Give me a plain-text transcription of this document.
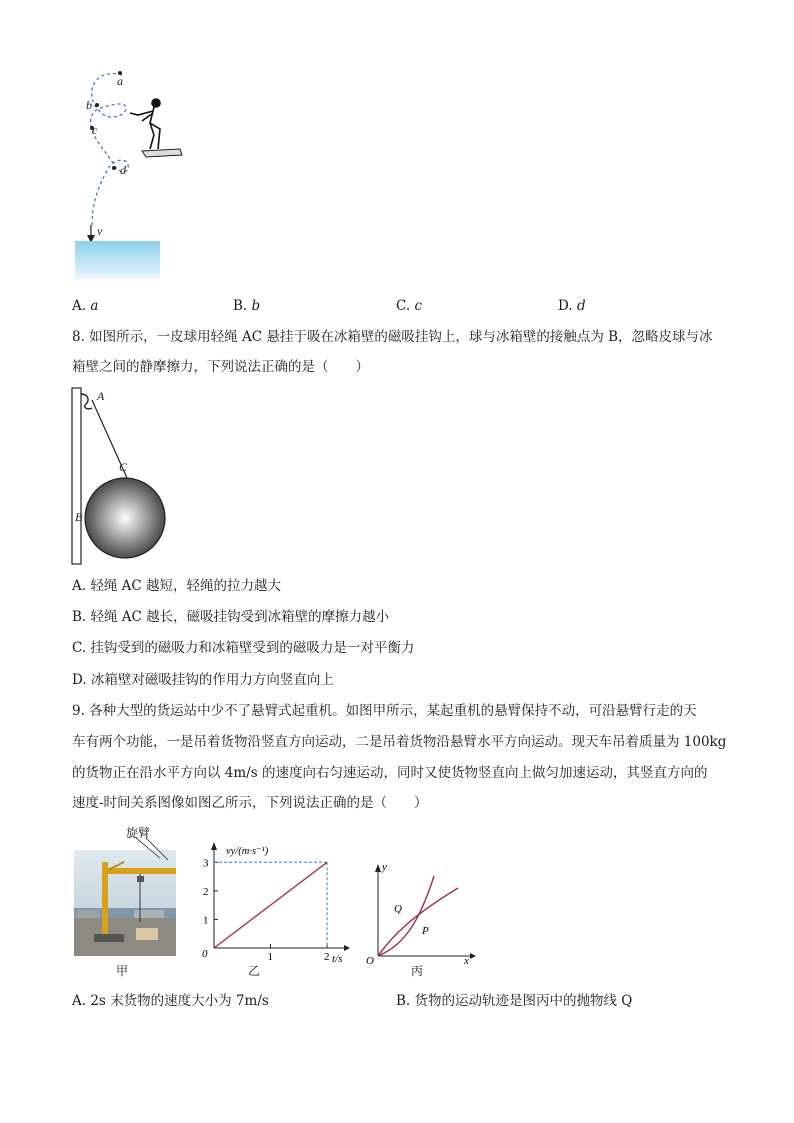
a
b
c
d
v
A. a	B. b	C. c	D. d
8. 如图所示，一皮球用轻绳 AC 悬挂于吸在冰箱壁的磁吸挂钩上，球与冰箱壁的接触点为 B，忽略皮球与冰
箱壁之间的静摩擦力，下列说法正确的是（　　）
A
C
B
A. 轻绳 AC 越短，轻绳的拉力越大
B. 轻绳 AC 越长，磁吸挂钩受到冰箱壁的摩擦力越小
C. 挂钩受到的磁吸力和冰箱壁受到的磁吸力是一对平衡力
D. 冰箱壁对磁吸挂钩的作用力方向竖直向上
9. 各种大型的货运站中少不了悬臂式起重机。如图甲所示，某起重机的悬臂保持不动，可沿悬臂行走的天
车有两个功能，一是吊着货物沿竖直方向运动，二是吊着货物沿悬臂水平方向运动。现天车吊着质量为 100kg
的货物正在沿水平方向以 4m/s 的速度向右匀速运动，同时又使货物竖直向上做匀加速运动，其竖直方向的
速度-时间关系图像如图乙所示，下列说法正确的是（　　）
旋臂
甲
1	2
1
2
3
0	t/s
vy/(m·s⁻¹)
乙
y
x
O
Q
P
丙
A. 2s 末货物的速度大小为 7m/s	B. 货物的运动轨迹是图丙中的抛物线 Q
